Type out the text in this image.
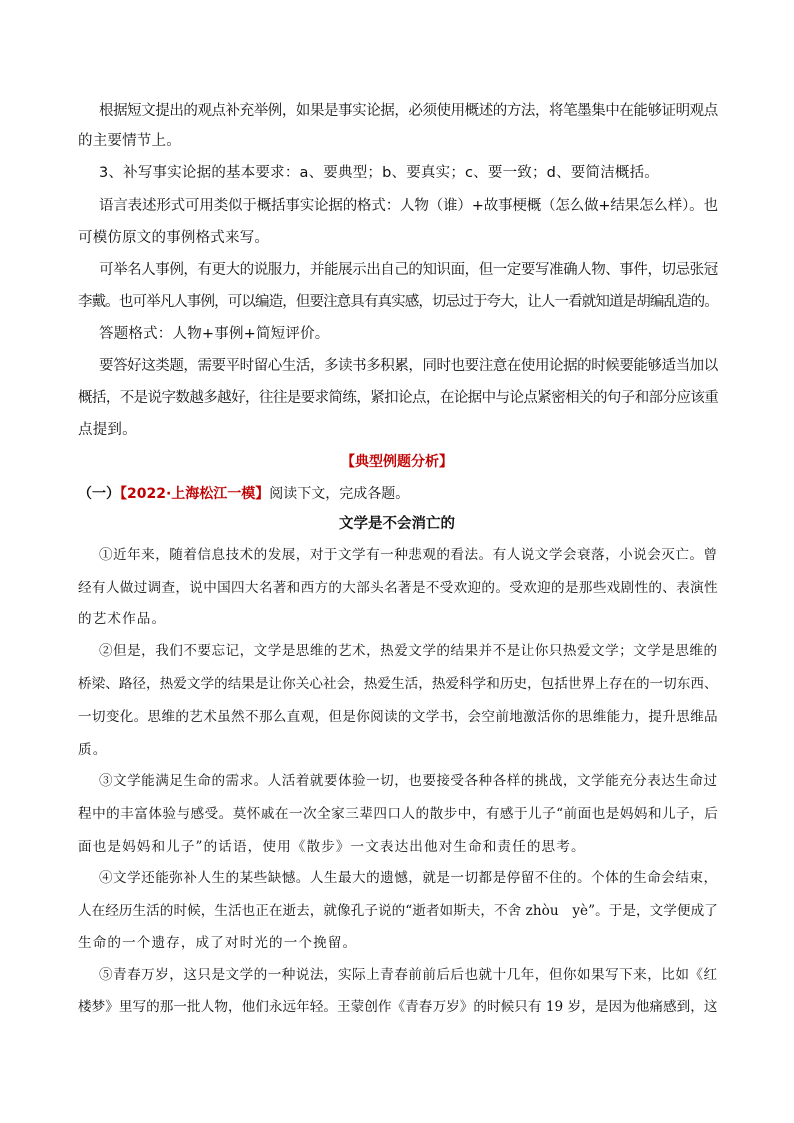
根据短文提出的观点补充举例，如果是事实论据，必须使用概述的方法，将笔墨集中在能够证明观点
的主要情节上。
3、补写事实论据的基本要求：a、要典型；b、要真实；c、要一致；d、要简洁概括。
语言表述形式可用类似于概括事实论据的格式：人物（谁）+故事梗概（怎么做+结果怎么样）。也
可模仿原文的事例格式来写。
可举名人事例，有更大的说服力，并能展示出自己的知识面，但一定要写准确人物、事件，切忌张冠
李戴。也可举凡人事例，可以编造，但要注意具有真实感，切忌过于夸大，让人一看就知道是胡编乱造的。
答题格式：人物+事例+简短评价。
要答好这类题，需要平时留心生活，多读书多积累，同时也要注意在使用论据的时候要能够适当加以
概括，不是说字数越多越好，往往是要求简练，紧扣论点，在论据中与论点紧密相关的句子和部分应该重
点提到。
【典型例题分析】
（一）【2022·上海松江一模】阅读下文，完成各题。
文学是不会消亡的
①近年来，随着信息技术的发展，对于文学有一种悲观的看法。有人说文学会衰落，小说会灭亡。曾
经有人做过调查，说中国四大名著和西方的大部头名著是不受欢迎的。受欢迎的是那些戏剧性的、表演性
的艺术作品。
②但是，我们不要忘记，文学是思维的艺术，热爱文学的结果并不是让你只热爱文学；文学是思维的
桥梁、路径，热爱文学的结果是让你关心社会，热爱生活，热爱科学和历史，包括世界上存在的一切东西、
一切变化。思维的艺术虽然不那么直观，但是你阅读的文学书，会空前地激活你的思维能力，提升思维品
质。
③文学能满足生命的需求。人活着就要体验一切，也要接受各种各样的挑战，文学能充分表达生命过
程中的丰富体验与感受。莫怀戚在一次全家三辈四口人的散步中，有感于儿子“前面也是妈妈和儿子，后
面也是妈妈和儿子”的话语，使用《散步》一文表达出他对生命和责任的思考。
④文学还能弥补人生的某些缺憾。人生最大的遗憾，就是一切都是停留不住的。个体的生命会结束，
人在经历生活的时候，生活也正在逝去，就像孔子说的“逝者如斯夫，不舍 zhòu　yè”。于是，文学便成了
生命的一个遗存，成了对时光的一个挽留。
⑤青春万岁，这只是文学的一种说法，实际上青春前前后后也就十几年，但你如果写下来，比如《红
楼梦》里写的那一批人物，他们永远年轻。王蒙创作《青春万岁》的时候只有 19 岁，是因为他痛感到，这
